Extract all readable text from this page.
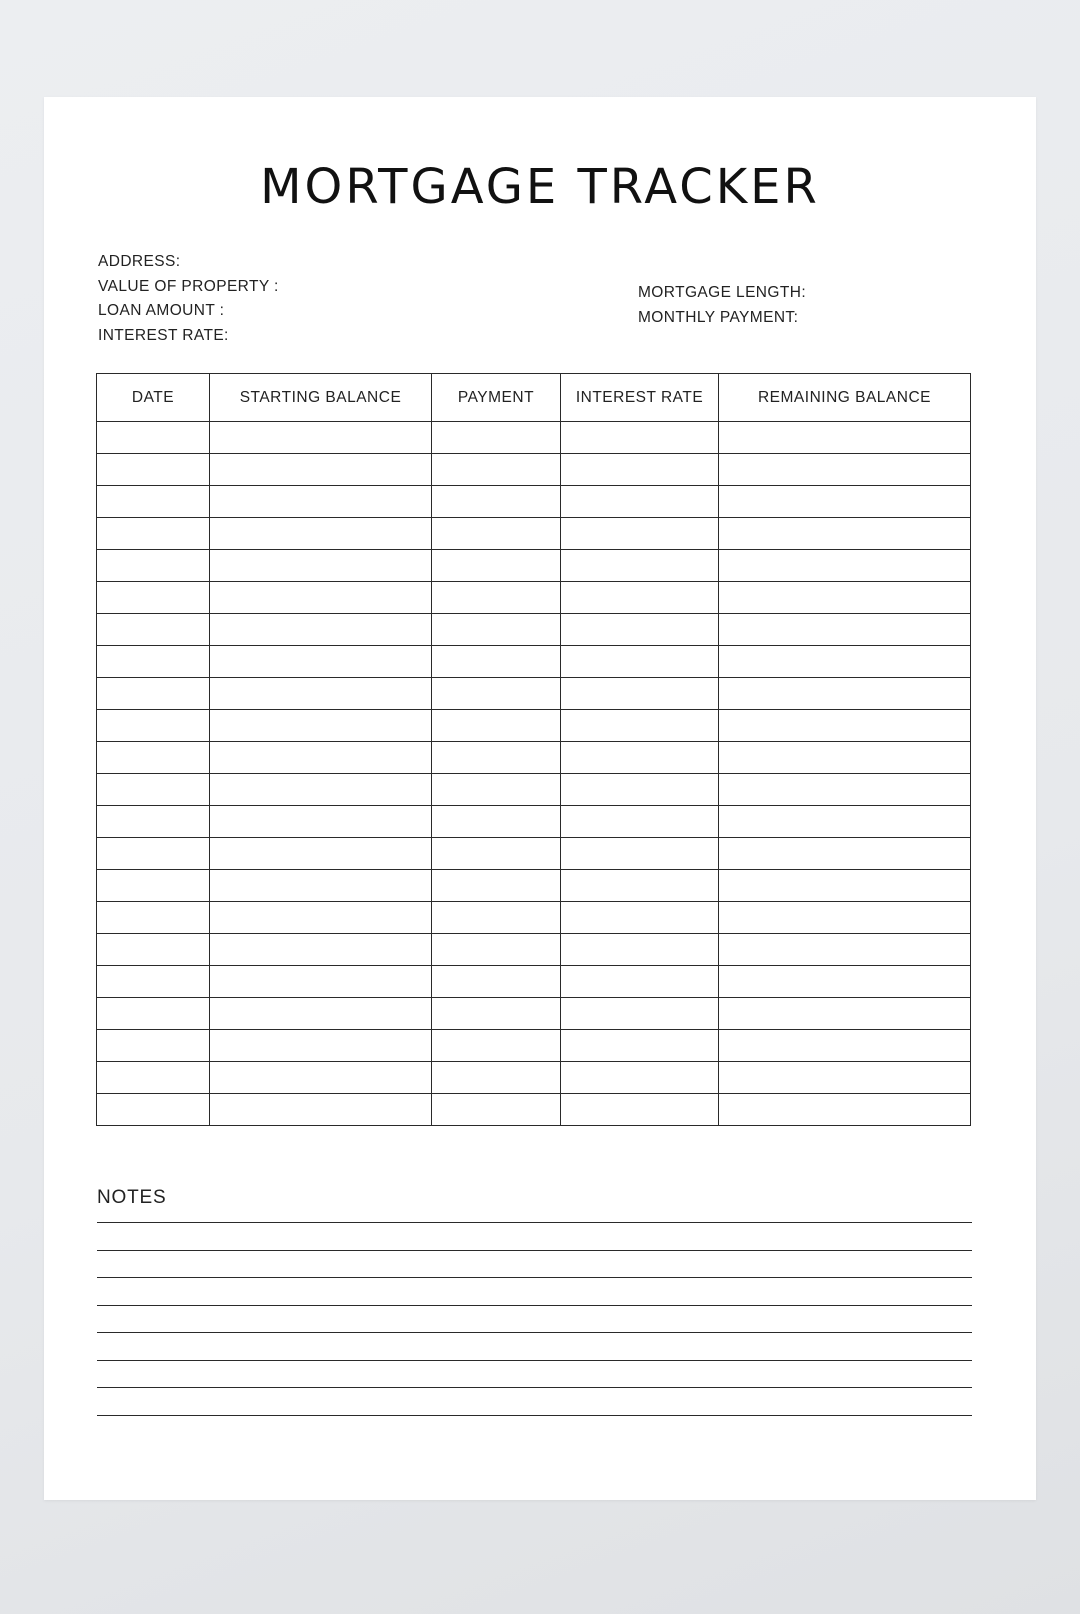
MORTGAGE TRACKER
ADDRESS:
VALUE OF PROPERTY :
LOAN AMOUNT :
INTEREST RATE:
MORTGAGE LENGTH:
MONTHLY PAYMENT:
DATE	STARTING BALANCE	PAYMENT	INTEREST RATE	REMAINING BALANCE

NOTES
